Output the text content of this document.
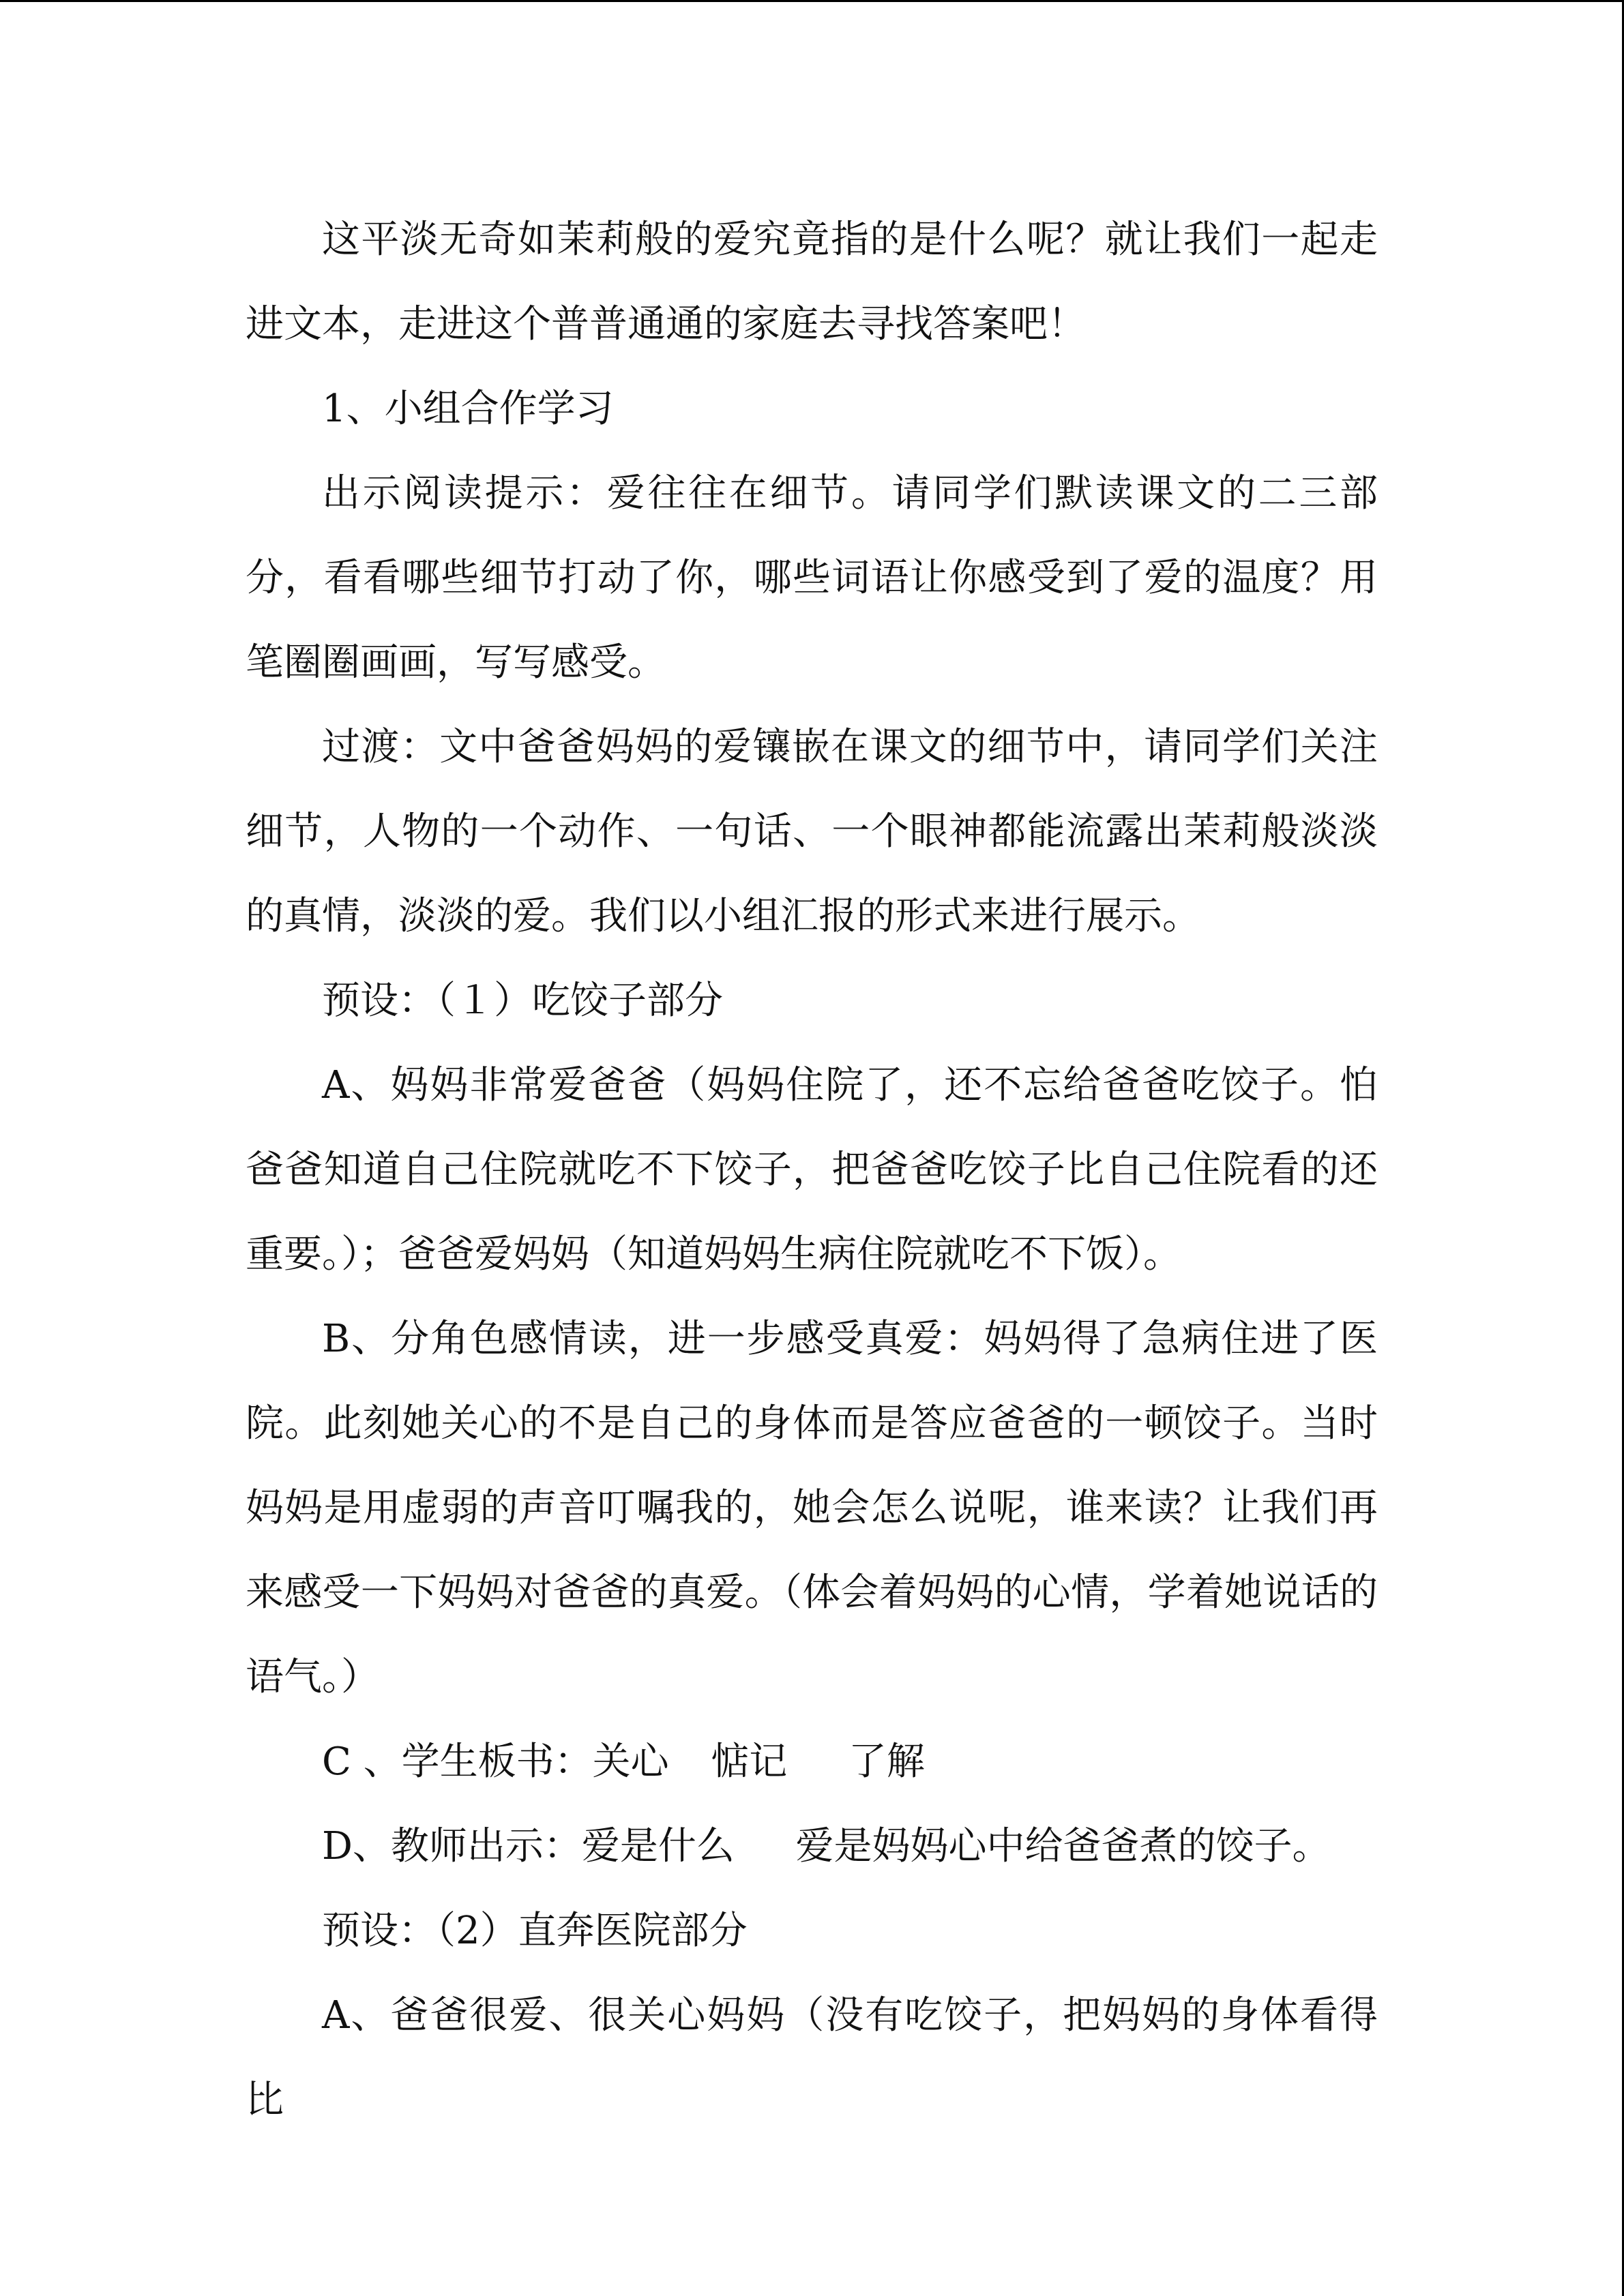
这平淡无奇如茉莉般的爱究竟指的是什么呢？就让我们一起走进文本，走进这个普普通通的家庭去寻找答案吧！

1、小组合作学习

出示阅读提示：爱往往在细节。请同学们默读课文的二三部分，看看哪些细节打动了你，哪些词语让你感受到了爱的温度？用笔圈圈画画，写写感受。

过渡：文中爸爸妈妈的爱镶嵌在课文的细节中，请同学们关注细节，人物的一个动作、一句话、一个眼神都能流露出茉莉般淡淡的真情，淡淡的爱。我们以小组汇报的形式来进行展示。

预设：（１）吃饺子部分

A、妈妈非常爱爸爸（妈妈住院了，还不忘给爸爸吃饺子。怕爸爸知道自己住院就吃不下饺子，把爸爸吃饺子比自己住院看的还重要。）；爸爸爱妈妈（知道妈妈生病住院就吃不下饭）。

B、分角色感情读，进一步感受真爱：妈妈得了急病住进了医院。此刻她关心的不是自己的身体而是答应爸爸的一顿饺子。当时妈妈是用虚弱的声音叮嘱我的，她会怎么说呢，谁来读？让我们再来感受一下妈妈对爸爸的真爱。（体会着妈妈的心情，学着她说话的语气。）

C 、学生板书：关心 惦记 了解

D、教师出示：爱是什么 爱是妈妈心中给爸爸煮的饺子。

预设：（2）直奔医院部分

A、爸爸很爱、很关心妈妈（没有吃饺子，把妈妈的身体看得比
